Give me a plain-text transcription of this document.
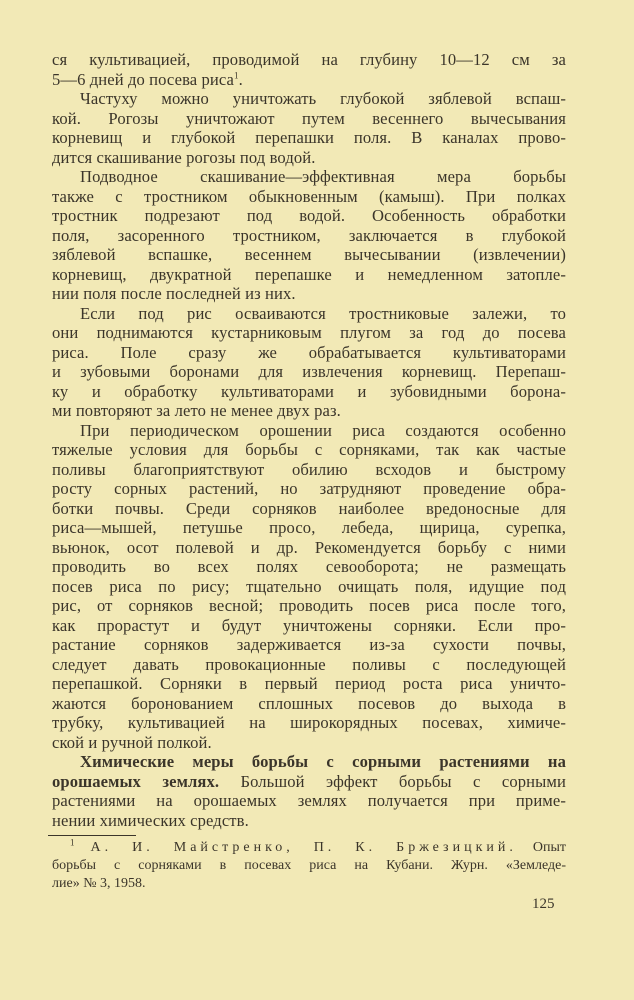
ся культивацией, проводимой на глубину 10—12 см за
5—6 дней до посева риса$^1$.
Частуху можно уничтожать глубокой зяблевой вспаш-
кой. Рогозы уничтожают путем весеннего вычесывания
корневищ и глубокой перепашки поля. В каналах прово-
дится скашивание рогозы под водой.
Подводное скашивание—эффективная мера борьбы
также с тростником обыкновенным (камыш). При полках
тростник подрезают под водой. Особенность обработки
поля, засоренного тростником, заключается в глубокой
зяблевой вспашке, весеннем вычесывании (извлечении)
корневищ, двукратной перепашке и немедленном затопле-
нии поля после последней из них.
Если под рис осваиваются тростниковые залежи, то
они поднимаются кустарниковым плугом за год до посева
риса. Поле сразу же обрабатывается культиваторами
и зубовыми боронами для извлечения корневищ. Перепаш-
ку и обработку культиваторами и зубовидными борона-
ми повторяют за лето не менее двух раз.
При периодическом орошении риса создаются особенно
тяжелые условия для борьбы с сорняками, так как частые
поливы благоприятствуют обилию всходов и быстрому
росту сорных растений, но затрудняют проведение обра-
ботки почвы. Среди сорняков наиболее вредоносные для
риса—мышей, петушье просо, лебеда, щирица, сурепка,
вьюнок, осот полевой и др. Рекомендуется борьбу с ними
проводить во всех полях севооборота; не размещать
посев риса по рису; тщательно очищать поля, идущие под
рис, от сорняков весной; проводить посев риса после того,
как прорастут и будут уничтожены сорняки. Если про-
растание сорняков задерживается из-за сухости почвы,
следует давать провокационные поливы с последующей
перепашкой. Сорняки в первый период роста риса уничто-
жаются боронованием сплошных посевов до выхода в
трубку, культивацией на широкорядных посевах, химиче-
ской и ручной полкой.
Химические меры борьбы с сорными растениями на
орошаемых землях. Большой эффект борьбы с сорными
растениями на орошаемых землях получается при приме-
нении химических средств.
$^1$ А. И. Майстренко, П. К. Бржезицкий. Опыт
борьбы с сорняками в посевах риса на Кубани. Журн. «Земледе-
лие» № 3, 1958.
125
